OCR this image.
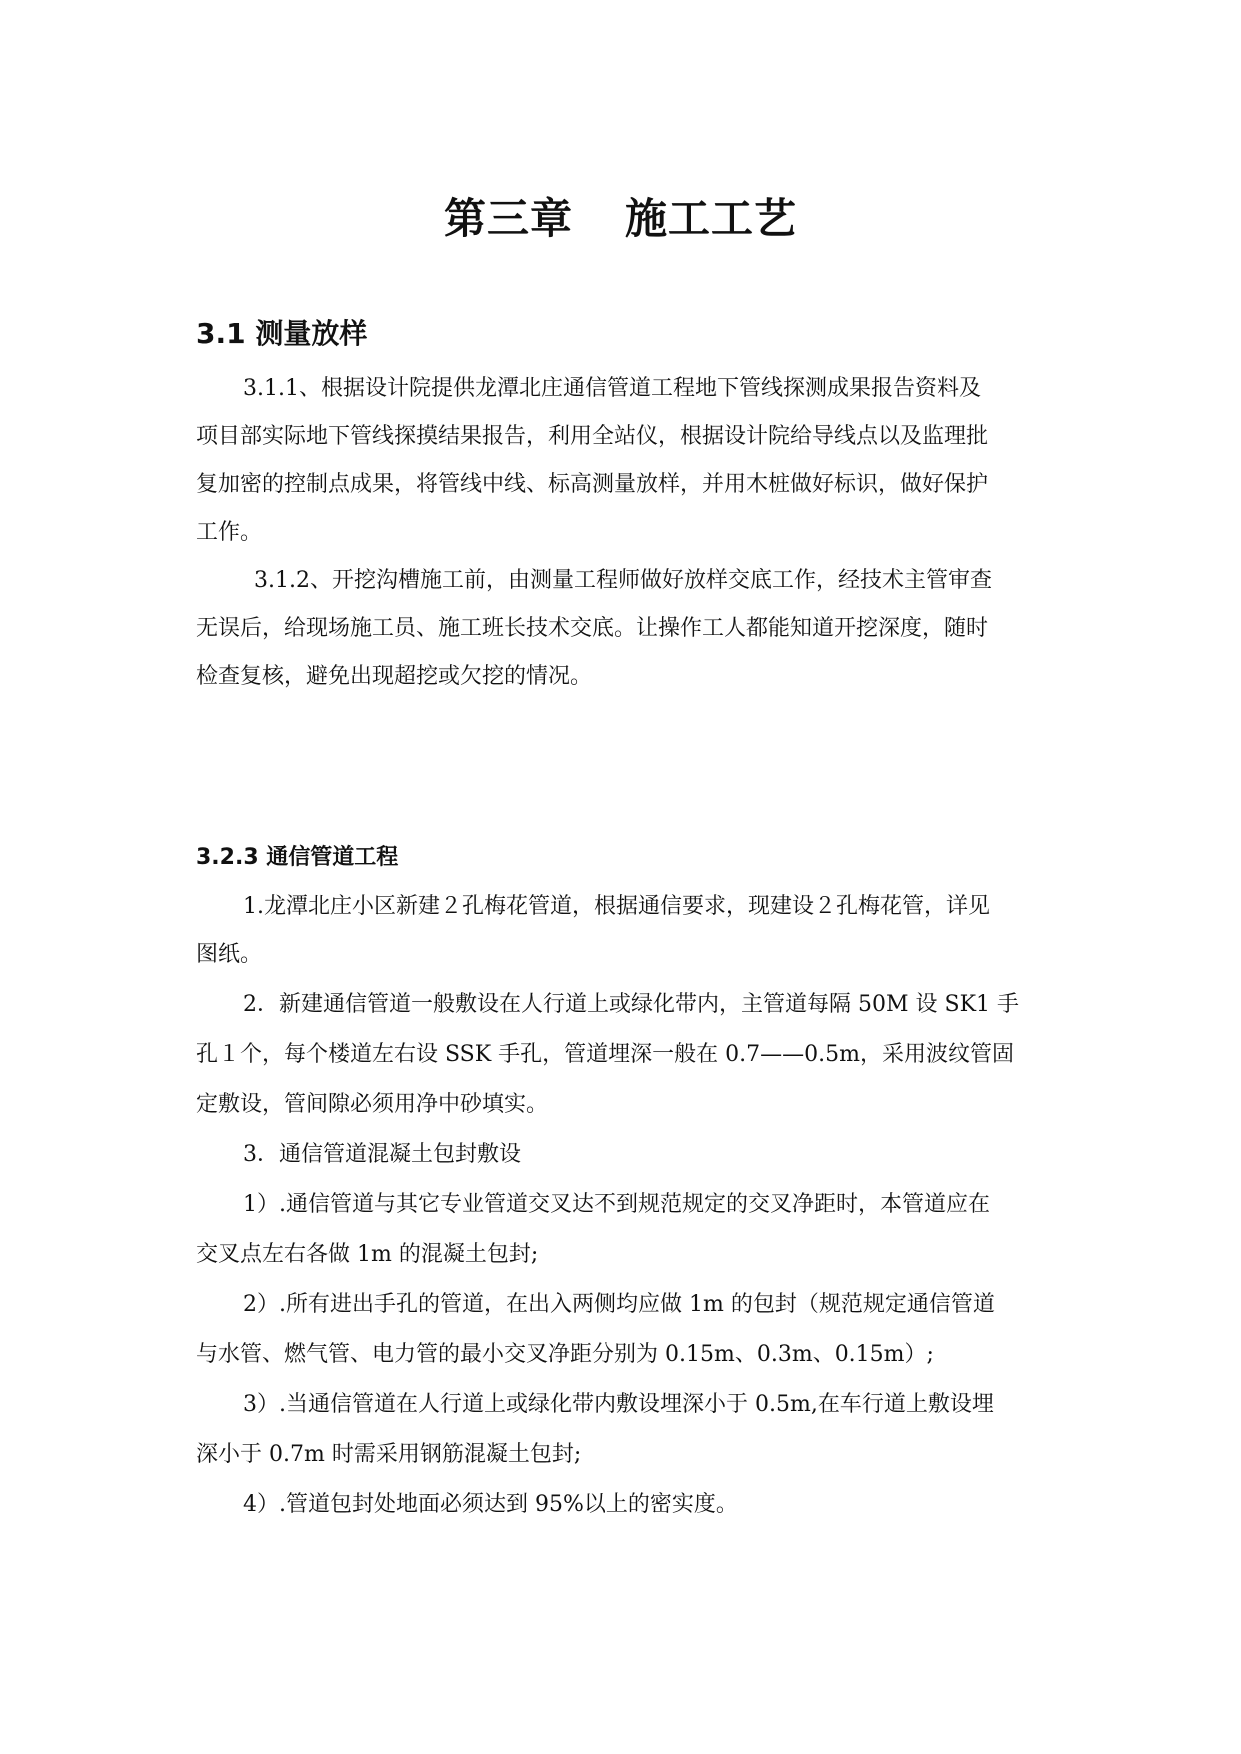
第三章 施工工艺
3.1 测量放样

3.1.1、根据设计院提供龙潭北庄通信管道工程地下管线探测成果报告资料及

项目部实际地下管线探摸结果报告，利用全站仪，根据设计院给导线点以及监理批

复加密的控制点成果，将管线中线、标高测量放样，并用木桩做好标识，做好保护

工作。

3.1.2、开挖沟槽施工前，由测量工程师做好放样交底工作，经技术主管审查

无误后，给现场施工员、施工班长技术交底。让操作工人都能知道开挖深度，随时

检查复核，避免出现超挖或欠挖的情况。

3.2.3 通信管道工程

1.龙潭北庄小区新建２孔梅花管道，根据通信要求，现建设２孔梅花管，详见

图纸。

2．新建通信管道一般敷设在人行道上或绿化带内，主管道每隔 50M 设 SK1 手

孔１个，每个楼道左右设 SSK 手孔，管道埋深一般在 0.7——0.5m，采用波纹管固

定敷设，管间隙必须用净中砂填实。

3．通信管道混凝土包封敷设

1）.通信管道与其它专业管道交叉达不到规范规定的交叉净距时，本管道应在

交叉点左右各做 1m 的混凝土包封;

2）.所有进出手孔的管道，在出入两侧均应做 1m 的包封（规范规定通信管道

与水管、燃气管、电力管的最小交叉净距分别为 0.15m、0.3m、0.15m）;

3）.当通信管道在人行道上或绿化带内敷设埋深小于 0.5m,在车行道上敷设埋

深小于 0.7m 时需采用钢筋混凝土包封;

4）.管道包封处地面必须达到 95%以上的密实度。
